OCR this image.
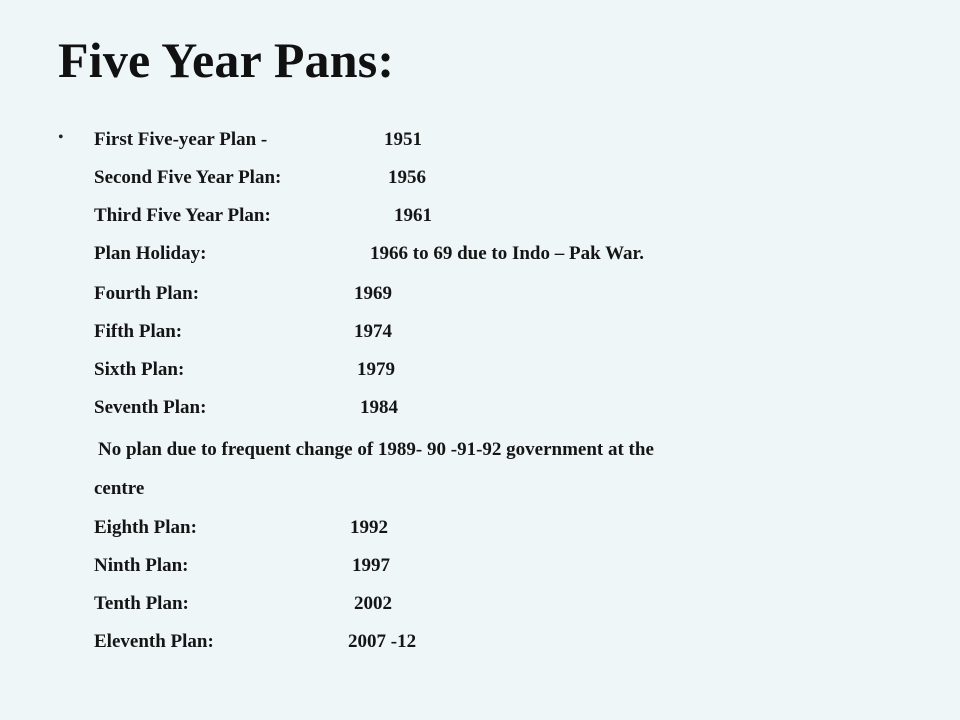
Five Year Pans:
• First Five-year Plan -	1951
Second Five Year Plan:	1956
Third Five Year Plan:	1961
Plan Holiday:	1966 to 69 due to Indo – Pak War.
Fourth Plan:	1969
Fifth Plan:	1974
Sixth Plan:	1979
Seventh Plan:	1984
No plan due to frequent change of 1989- 90 -91-92 government at the
centre
Eighth Plan:	1992
Ninth Plan:	1997
Tenth Plan:	2002
Eleventh Plan:	2007 -12
